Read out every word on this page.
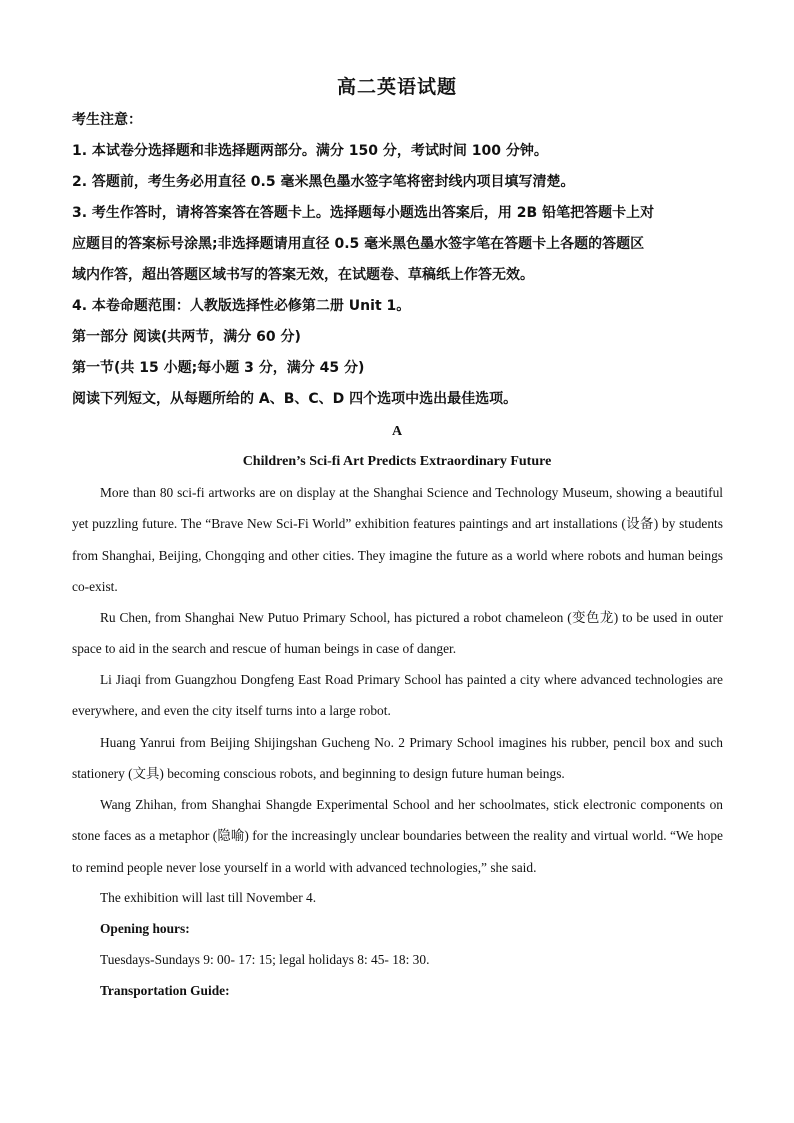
高二英语试题
考生注意：
1. 本试卷分选择题和非选择题两部分。满分 150 分，考试时间 100 分钟。
2. 答题前，考生务必用直径 0.5 毫米黑色墨水签字笔将密封线内项目填写清楚。
3. 考生作答时，请将答案答在答题卡上。选择题每小题选出答案后，用 2B 铅笔把答题卡上对
应题目的答案标号涂黑;非选择题请用直径 0.5 毫米黑色墨水签字笔在答题卡上各题的答题区
域内作答，超出答题区域书写的答案无效，在试题卷、草稿纸上作答无效。
4. 本卷命题范围：人教版选择性必修第二册 Unit 1。
第一部分 阅读(共两节，满分 60 分)
第一节(共 15 小题;每小题 3 分，满分 45 分)
阅读下列短文，从每题所给的 A、B、C、D 四个选项中选出最佳选项。
A
Children’s Sci-fi Art Predicts Extraordinary Future
More than 80 sci-fi artworks are on display at the Shanghai Science and Technology Museum, showing a beautiful yet puzzling future. The “Brave New Sci-Fi World” exhibition features paintings and art installations (设备) by students from Shanghai, Beijing, Chongqing and other cities. They imagine the future as a world where robots and human beings co-exist.
Ru Chen, from Shanghai New Putuo Primary School, has pictured a robot chameleon (变色龙) to be used in outer space to aid in the search and rescue of human beings in case of danger.
Li Jiaqi from Guangzhou Dongfeng East Road Primary School has painted a city where advanced technologies are everywhere, and even the city itself turns into a large robot.
Huang Yanrui from Beijing Shijingshan Gucheng No. 2 Primary School imagines his rubber, pencil box and such stationery (文具) becoming conscious robots, and beginning to design future human beings.
Wang Zhihan, from Shanghai Shangde Experimental School and her schoolmates, stick electronic components on stone faces as a metaphor (隐喻) for the increasingly unclear boundaries between the reality and virtual world. “We hope to remind people never lose yourself in a world with advanced technologies,” she said.
The exhibition will last till November 4.
Opening hours:
Tuesdays-Sundays 9: 00- 17: 15; legal holidays 8: 45- 18: 30.
Transportation Guide:
